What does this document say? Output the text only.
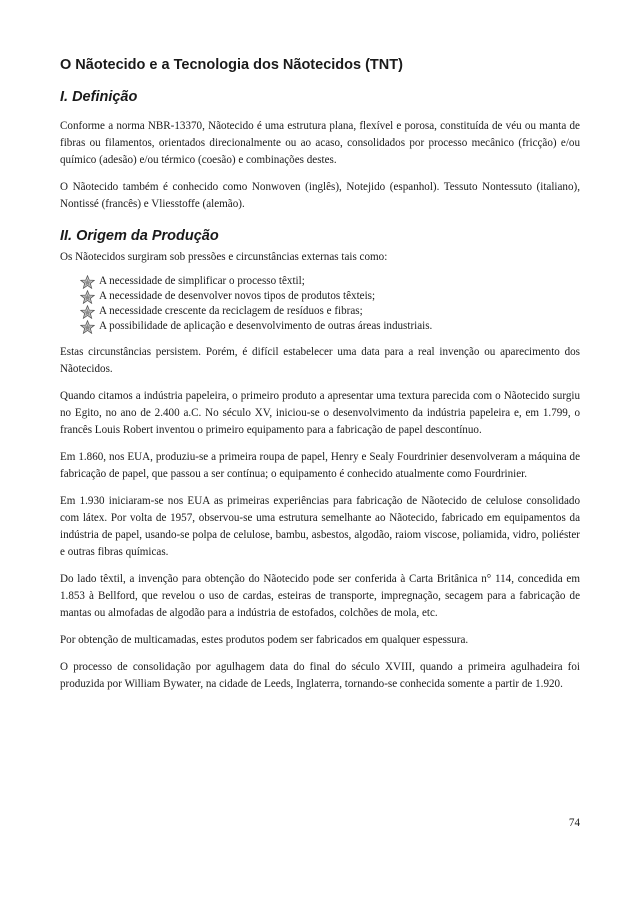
O Nãotecido e a Tecnologia dos Nãotecidos (TNT)
I. Definição

Conforme a norma NBR-13370, Nãotecido é uma estrutura plana, flexível e porosa, constituída de véu ou manta de fibras ou filamentos, orientados direcionalmente ou ao acaso, consolidados por processo mecânico (fricção) e/ou químico (adesão) e/ou térmico (coesão) e combinações destes.

O Nãotecido também é conhecido como Nonwoven (inglês), Notejido (espanhol). Tessuto Nontessuto (italiano), Nontissé (francês) e Vliesstoffe (alemão).

II. Origem da Produção

Os Nãotecidos surgiram sob pressões e circunstâncias externas tais como:

A necessidade de simplificar o processo têxtil;
A necessidade de desenvolver novos tipos de produtos têxteis;
A necessidade crescente da reciclagem de resíduos e fibras;
A possibilidade de aplicação e desenvolvimento de outras áreas industriais.

Estas circunstâncias persistem. Porém, é difícil estabelecer uma data para a real invenção ou aparecimento dos Nãotecidos.

Quando citamos a indústria papeleira, o primeiro produto a apresentar uma textura parecida com o Nãotecido surgiu no Egito, no ano de 2.400 a.C. No século XV, iniciou-se o desenvolvimento da indústria papeleira e, em 1.799, o francês Louis Robert inventou o primeiro equipamento para a fabricação de papel descontínuo.

Em 1.860, nos EUA, produziu-se a primeira roupa de papel, Henry e Sealy Fourdrinier desenvolveram a máquina de fabricação de papel, que passou a ser contínua; o equipamento é conhecido atualmente como Fourdrinier.

Em 1.930 iniciaram-se nos EUA as primeiras experiências para fabricação de Nãotecido de celulose consolidado com látex. Por volta de 1957, observou-se uma estrutura semelhante ao Nãotecido, fabricado em equipamentos da indústria de papel, usando-se polpa de celulose, bambu, asbestos, algodão, raiom viscose, poliamida, vidro, poliéster e outras fibras químicas.

Do lado têxtil, a invenção para obtenção do Nãotecido pode ser conferida à Carta Britânica n° 114, concedida em 1.853 à Bellford, que revelou o uso de cardas, esteiras de transporte, impregnação, secagem para a fabricação de mantas ou almofadas de algodão para a indústria de estofados, colchões de mola, etc.

Por obtenção de multicamadas, estes produtos podem ser fabricados em qualquer espessura.

O processo de consolidação por agulhagem data do final do século XVIII, quando a primeira agulhadeira foi produzida por William Bywater, na cidade de Leeds, Inglaterra, tornando-se conhecida somente a partir de 1.920.

74
